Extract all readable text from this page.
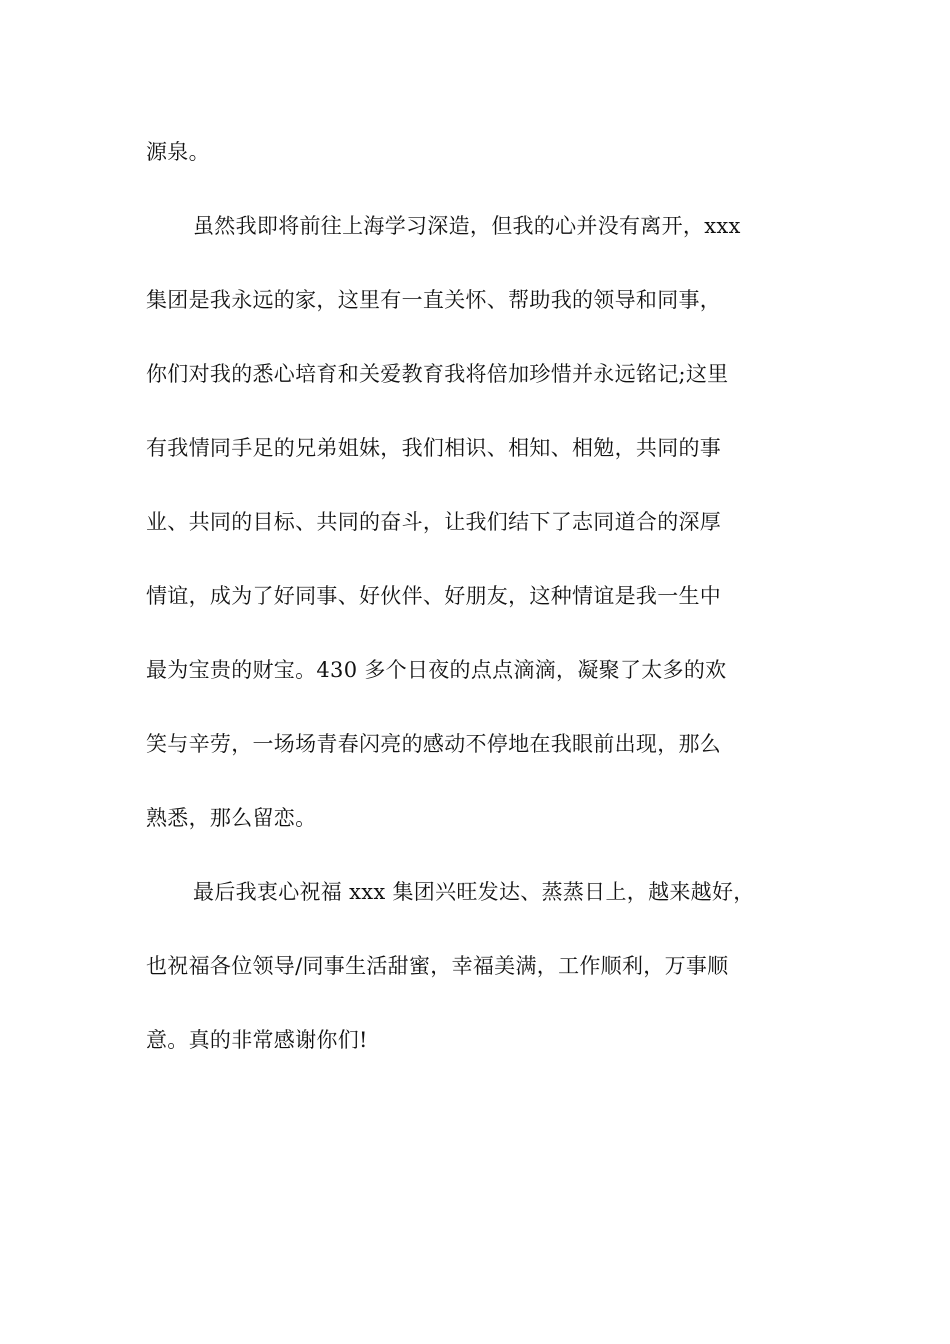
源泉。
虽然我即将前往上海学习深造，但我的心并没有离开，xxx
集团是我永远的家，这里有一直关怀、帮助我的领导和同事，
你们对我的悉心培育和关爱教育我将倍加珍惜并永远铭记;这里
有我情同手足的兄弟姐妹，我们相识、相知、相勉，共同的事
业、共同的目标、共同的奋斗，让我们结下了志同道合的深厚
情谊，成为了好同事、好伙伴、好朋友，这种情谊是我一生中
最为宝贵的财宝。430 多个日夜的点点滴滴，凝聚了太多的欢
笑与辛劳，一场场青春闪亮的感动不停地在我眼前出现，那么
熟悉，那么留恋。
最后我衷心祝福 xxx 集团兴旺发达、蒸蒸日上，越来越好，
也祝福各位领导/同事生活甜蜜，幸福美满，工作顺利，万事顺
意。真的非常感谢你们!
